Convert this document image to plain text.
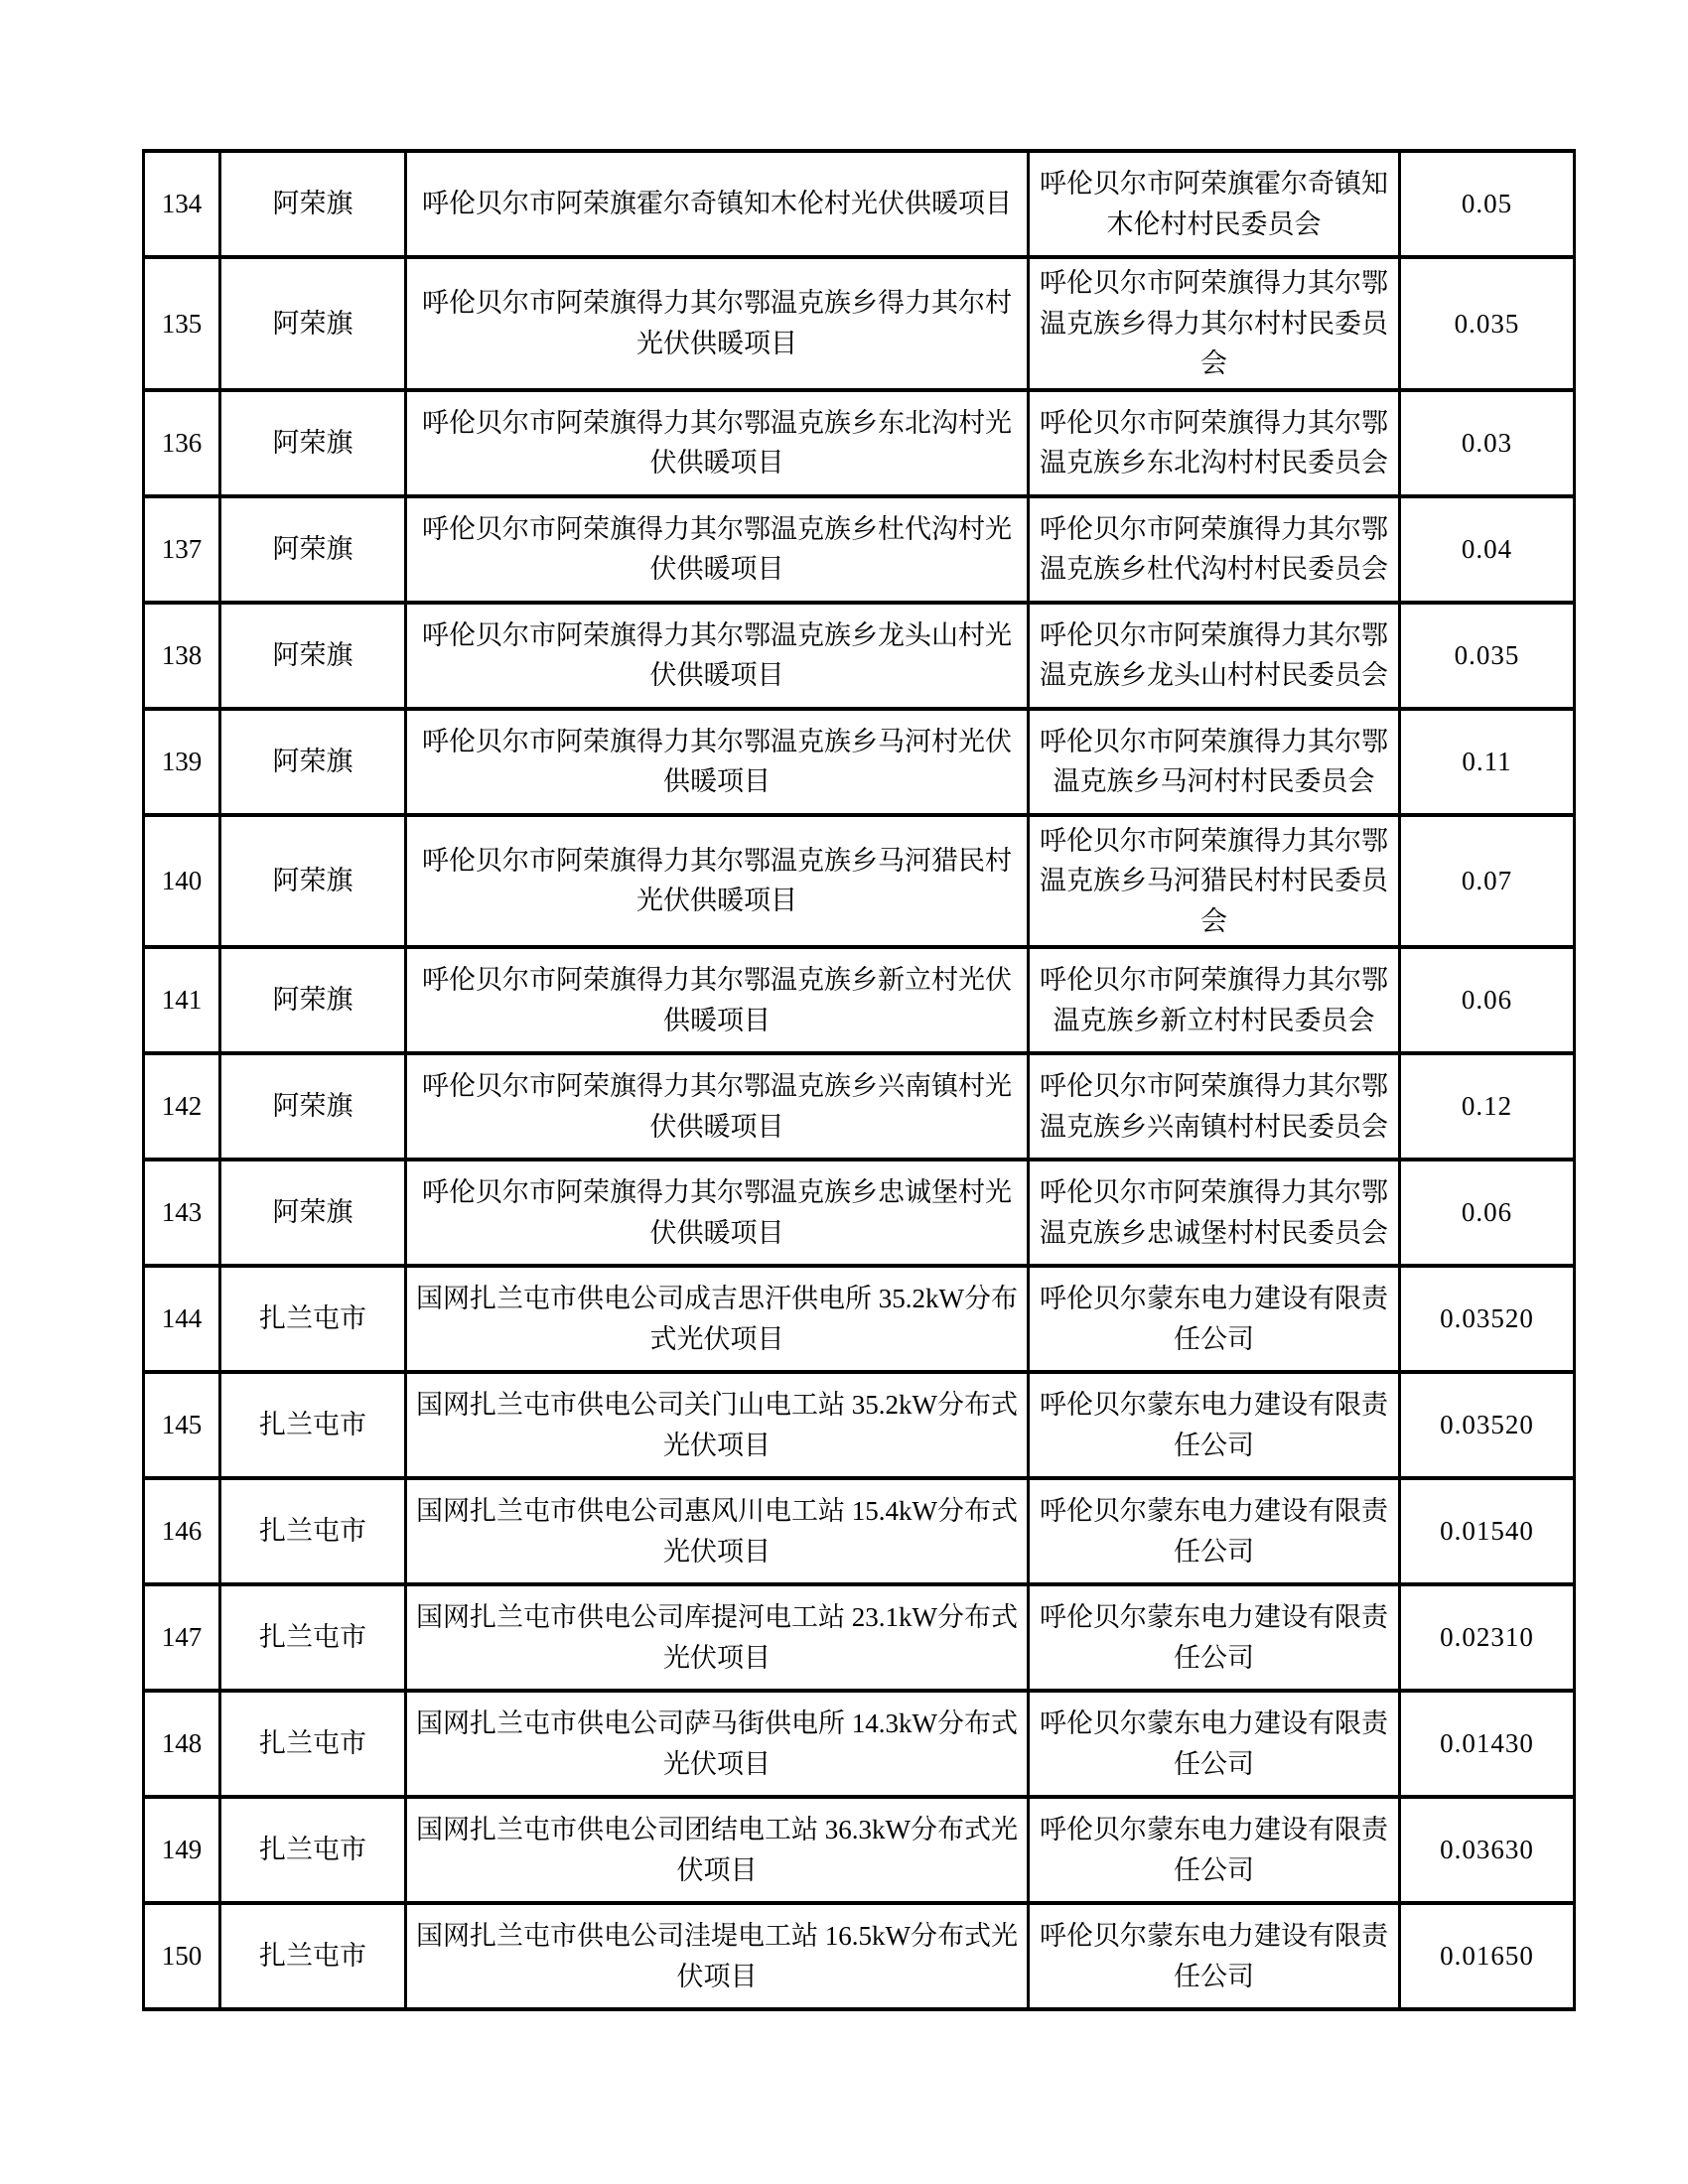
134	阿荣旗	呼伦贝尔市阿荣旗霍尔奇镇知木伦村光伏供暖项目	呼伦贝尔市阿荣旗霍尔奇镇知木伦村村民委员会	0.05
135	阿荣旗	呼伦贝尔市阿荣旗得力其尔鄂温克族乡得力其尔村光伏供暖项目	呼伦贝尔市阿荣旗得力其尔鄂温克族乡得力其尔村村民委员会	0.035
136	阿荣旗	呼伦贝尔市阿荣旗得力其尔鄂温克族乡东北沟村光伏供暖项目	呼伦贝尔市阿荣旗得力其尔鄂温克族乡东北沟村村民委员会	0.03
137	阿荣旗	呼伦贝尔市阿荣旗得力其尔鄂温克族乡杜代沟村光伏供暖项目	呼伦贝尔市阿荣旗得力其尔鄂温克族乡杜代沟村村民委员会	0.04
138	阿荣旗	呼伦贝尔市阿荣旗得力其尔鄂温克族乡龙头山村光伏供暖项目	呼伦贝尔市阿荣旗得力其尔鄂温克族乡龙头山村村民委员会	0.035
139	阿荣旗	呼伦贝尔市阿荣旗得力其尔鄂温克族乡马河村光伏供暖项目	呼伦贝尔市阿荣旗得力其尔鄂温克族乡马河村村民委员会	0.11
140	阿荣旗	呼伦贝尔市阿荣旗得力其尔鄂温克族乡马河猎民村光伏供暖项目	呼伦贝尔市阿荣旗得力其尔鄂温克族乡马河猎民村村民委员会	0.07
141	阿荣旗	呼伦贝尔市阿荣旗得力其尔鄂温克族乡新立村光伏供暖项目	呼伦贝尔市阿荣旗得力其尔鄂温克族乡新立村村民委员会	0.06
142	阿荣旗	呼伦贝尔市阿荣旗得力其尔鄂温克族乡兴南镇村光伏供暖项目	呼伦贝尔市阿荣旗得力其尔鄂温克族乡兴南镇村村民委员会	0.12
143	阿荣旗	呼伦贝尔市阿荣旗得力其尔鄂温克族乡忠诚堡村光伏供暖项目	呼伦贝尔市阿荣旗得力其尔鄂温克族乡忠诚堡村村民委员会	0.06
144	扎兰屯市	国网扎兰屯市供电公司成吉思汗供电所 35.2kW分布式光伏项目	呼伦贝尔蒙东电力建设有限责任公司	0.03520
145	扎兰屯市	国网扎兰屯市供电公司关门山电工站 35.2kW分布式光伏项目	呼伦贝尔蒙东电力建设有限责任公司	0.03520
146	扎兰屯市	国网扎兰屯市供电公司惠风川电工站 15.4kW分布式光伏项目	呼伦贝尔蒙东电力建设有限责任公司	0.01540
147	扎兰屯市	国网扎兰屯市供电公司库提河电工站 23.1kW分布式光伏项目	呼伦贝尔蒙东电力建设有限责任公司	0.02310
148	扎兰屯市	国网扎兰屯市供电公司萨马街供电所 14.3kW分布式光伏项目	呼伦贝尔蒙东电力建设有限责任公司	0.01430
149	扎兰屯市	国网扎兰屯市供电公司团结电工站 36.3kW分布式光伏项目	呼伦贝尔蒙东电力建设有限责任公司	0.03630
150	扎兰屯市	国网扎兰屯市供电公司洼堤电工站 16.5kW分布式光伏项目	呼伦贝尔蒙东电力建设有限责任公司	0.01650
